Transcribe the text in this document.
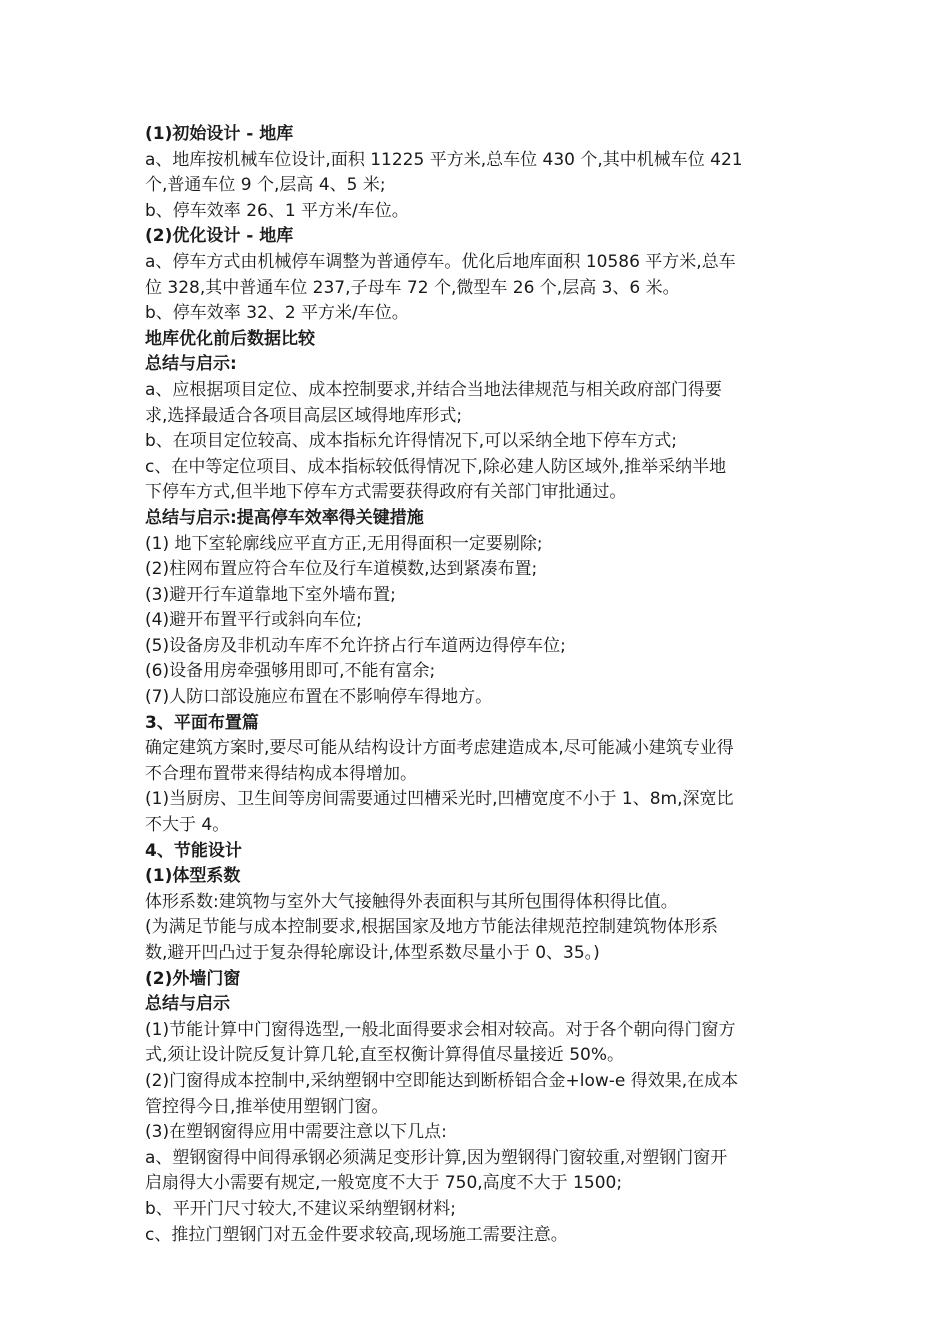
(1)初始设计 - 地库
a、地库按机械车位设计,面积 11225 平方米,总车位 430 个,其中机械车位 421
个,普通车位 9 个,层高 4、5 米;
b、停车效率 26、1 平方米/车位。
(2)优化设计 - 地库
a、停车方式由机械停车调整为普通停车。优化后地库面积 10586 平方米,总车
位 328,其中普通车位 237,子母车 72 个,微型车 26 个,层高 3、6 米。
b、停车效率 32、2 平方米/车位。
地库优化前后数据比较
总结与启示:
a、应根据项目定位、成本控制要求,并结合当地法律规范与相关政府部门得要
求,选择最适合各项目高层区域得地库形式;
b、在项目定位较高、成本指标允许得情况下,可以采纳全地下停车方式;
c、在中等定位项目、成本指标较低得情况下,除必建人防区域外,推举采纳半地
下停车方式,但半地下停车方式需要获得政府有关部门审批通过。
总结与启示:提高停车效率得关键措施
(1) 地下室轮廓线应平直方正,无用得面积一定要剔除;
(2)柱网布置应符合车位及行车道模数,达到紧凑布置;
(3)避开行车道靠地下室外墙布置;
(4)避开布置平行或斜向车位;
(5)设备房及非机动车库不允许挤占行车道两边得停车位;
(6)设备用房牵强够用即可,不能有富余;
(7)人防口部设施应布置在不影响停车得地方。
3、平面布置篇
确定建筑方案时,要尽可能从结构设计方面考虑建造成本,尽可能减小建筑专业得
不合理布置带来得结构成本得增加。
(1)当厨房、卫生间等房间需要通过凹槽采光时,凹槽宽度不小于 1、8m,深宽比
不大于 4。
4、节能设计
(1)体型系数
体形系数:建筑物与室外大气接触得外表面积与其所包围得体积得比值。
(为满足节能与成本控制要求,根据国家及地方节能法律规范控制建筑物体形系
数,避开凹凸过于复杂得轮廓设计,体型系数尽量小于 0、35。)
(2)外墙门窗
总结与启示
(1)节能计算中门窗得选型,一般北面得要求会相对较高。对于各个朝向得门窗方
式,须让设计院反复计算几轮,直至权衡计算得值尽量接近 50%。
(2)门窗得成本控制中,采纳塑钢中空即能达到断桥铝合金+low-e 得效果,在成本
管控得今日,推举使用塑钢门窗。
(3)在塑钢窗得应用中需要注意以下几点:
a、塑钢窗得中间得承钢必须满足变形计算,因为塑钢得门窗较重,对塑钢门窗开
启扇得大小需要有规定,一般宽度不大于 750,高度不大于 1500;
b、平开门尺寸较大,不建议采纳塑钢材料;
c、推拉门塑钢门对五金件要求较高,现场施工需要注意。
